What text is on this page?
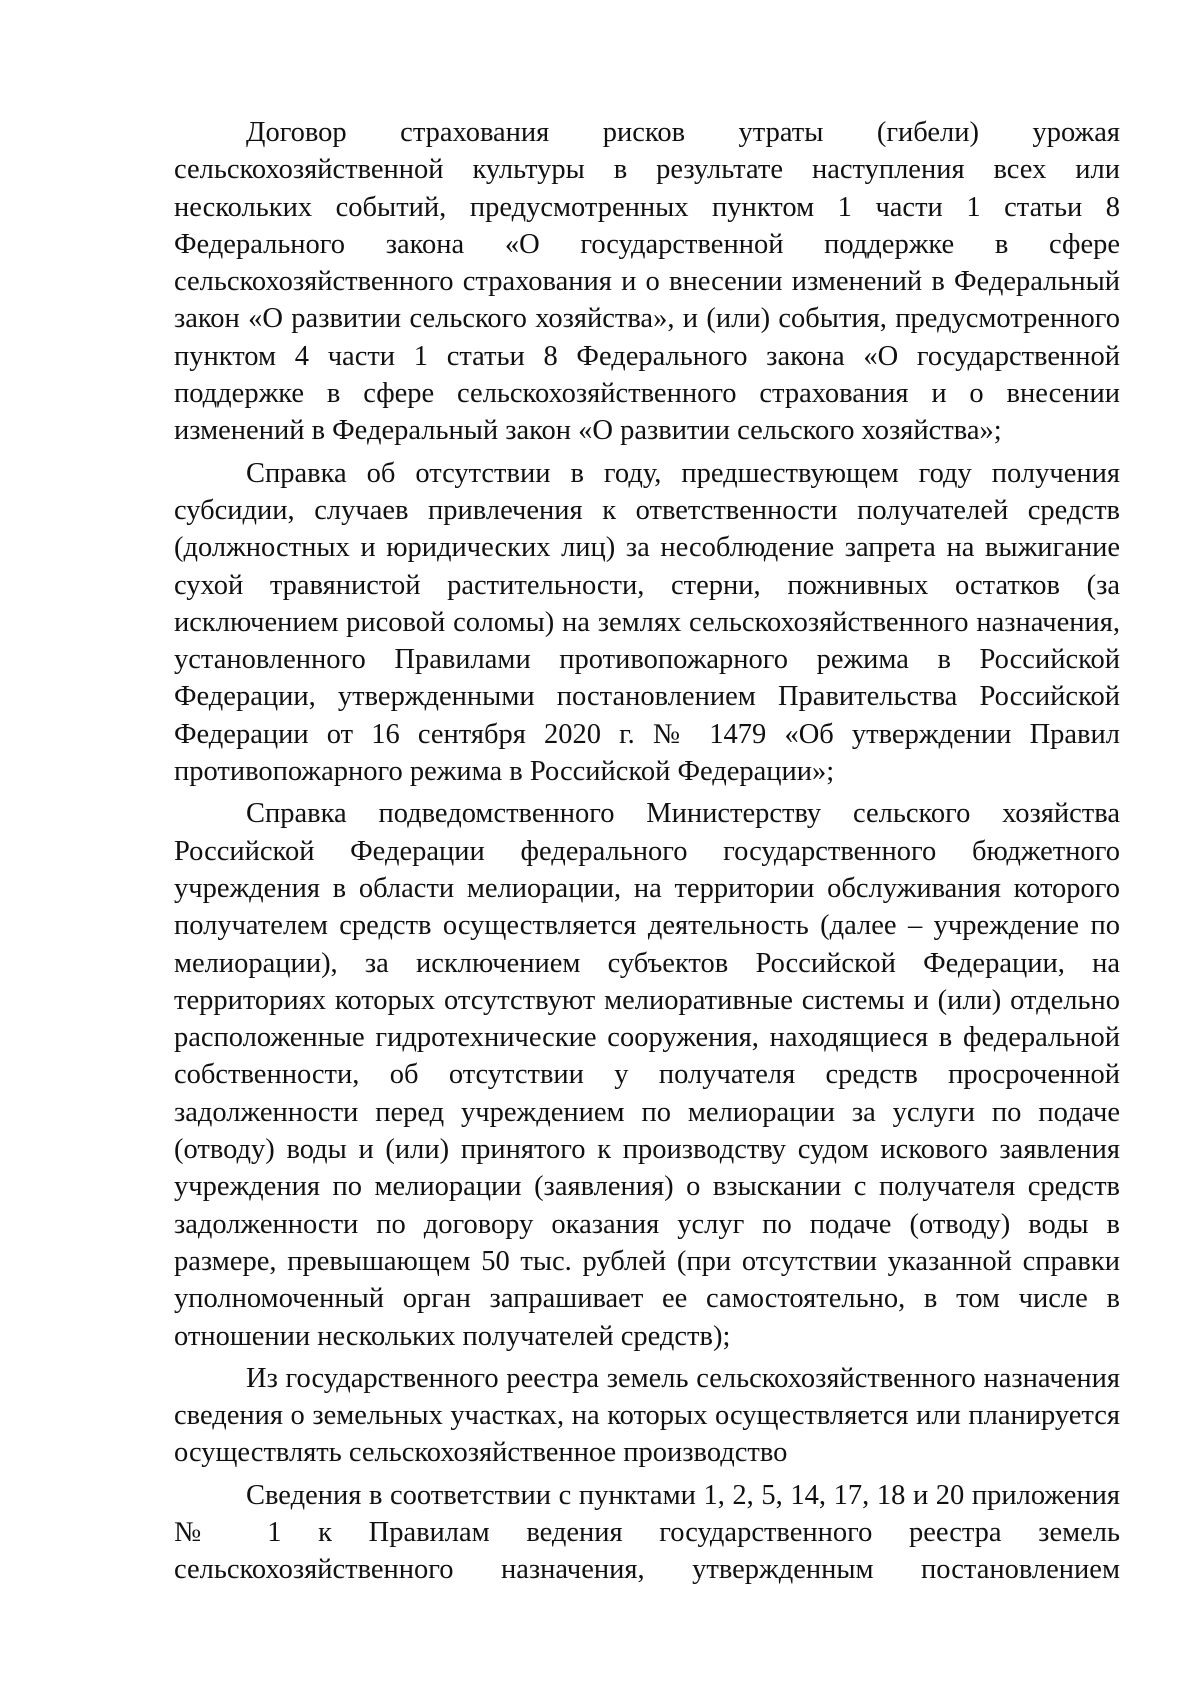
Договор страхования рисков утраты (гибели) урожая сельскохозяйственной культуры в результате наступления всех или нескольких событий, предусмотренных пунктом 1 части 1 статьи 8 Федерального закона «О государственной поддержке в сфере сельскохозяйственного страхования и о внесении изменений в Федеральный закон «О развитии сельского хозяйства», и (или) события, предусмотренного пунктом 4 части 1 статьи 8 Федерального закона «О государственной поддержке в сфере сельскохозяйственного страхования и о внесении изменений в Федеральный закон «О развитии сельского хозяйства»;

Справка об отсутствии в году, предшествующем году получения субсидии, случаев привлечения к ответственности получателей средств (должностных и юридических лиц) за несоблюдение запрета на выжигание сухой травянистой растительности, стерни, пожнивных остатков (за исключением рисовой соломы) на землях сельскохозяйственного назначения, установленного Правилами противопожарного режима в Российской Федерации, утвержденными постановлением Правительства Российской Федерации от 16 сентября 2020 г. № 1479 «Об утверждении Правил противопожарного режима в Российской Федерации»;

Справка подведомственного Министерству сельского хозяйства Российской Федерации федерального государственного бюджетного учреждения в области мелиорации, на территории обслуживания которого получателем средств осуществляется деятельность (далее – учреждение по мелиорации), за исключением субъектов Российской Федерации, на территориях которых отсутствуют мелиоративные системы и (или) отдельно расположенные гидротехнические сооружения, находящиеся в федеральной собственности, об отсутствии у получателя средств просроченной задолженности перед учреждением по мелиорации за услуги по подаче (отводу) воды и (или) принятого к производству судом искового заявления учреждения по мелиорации (заявления) о взыскании с получателя средств задолженности по договору оказания услуг по подаче (отводу) воды в размере, превышающем 50 тыс. рублей (при отсутствии указанной справки уполномоченный орган запрашивает ее самостоятельно, в том числе в отношении нескольких получателей средств);

Из государственного реестра земель сельскохозяйственного назначения сведения о земельных участках, на которых осуществляется или планируется осуществлять сельскохозяйственное производство

Сведения в соответствии с пунктами 1, 2, 5, 14, 17, 18 и 20 приложения № 1 к Правилам ведения государственного реестра земель сельскохозяйственного назначения, утвержденным постановлением
